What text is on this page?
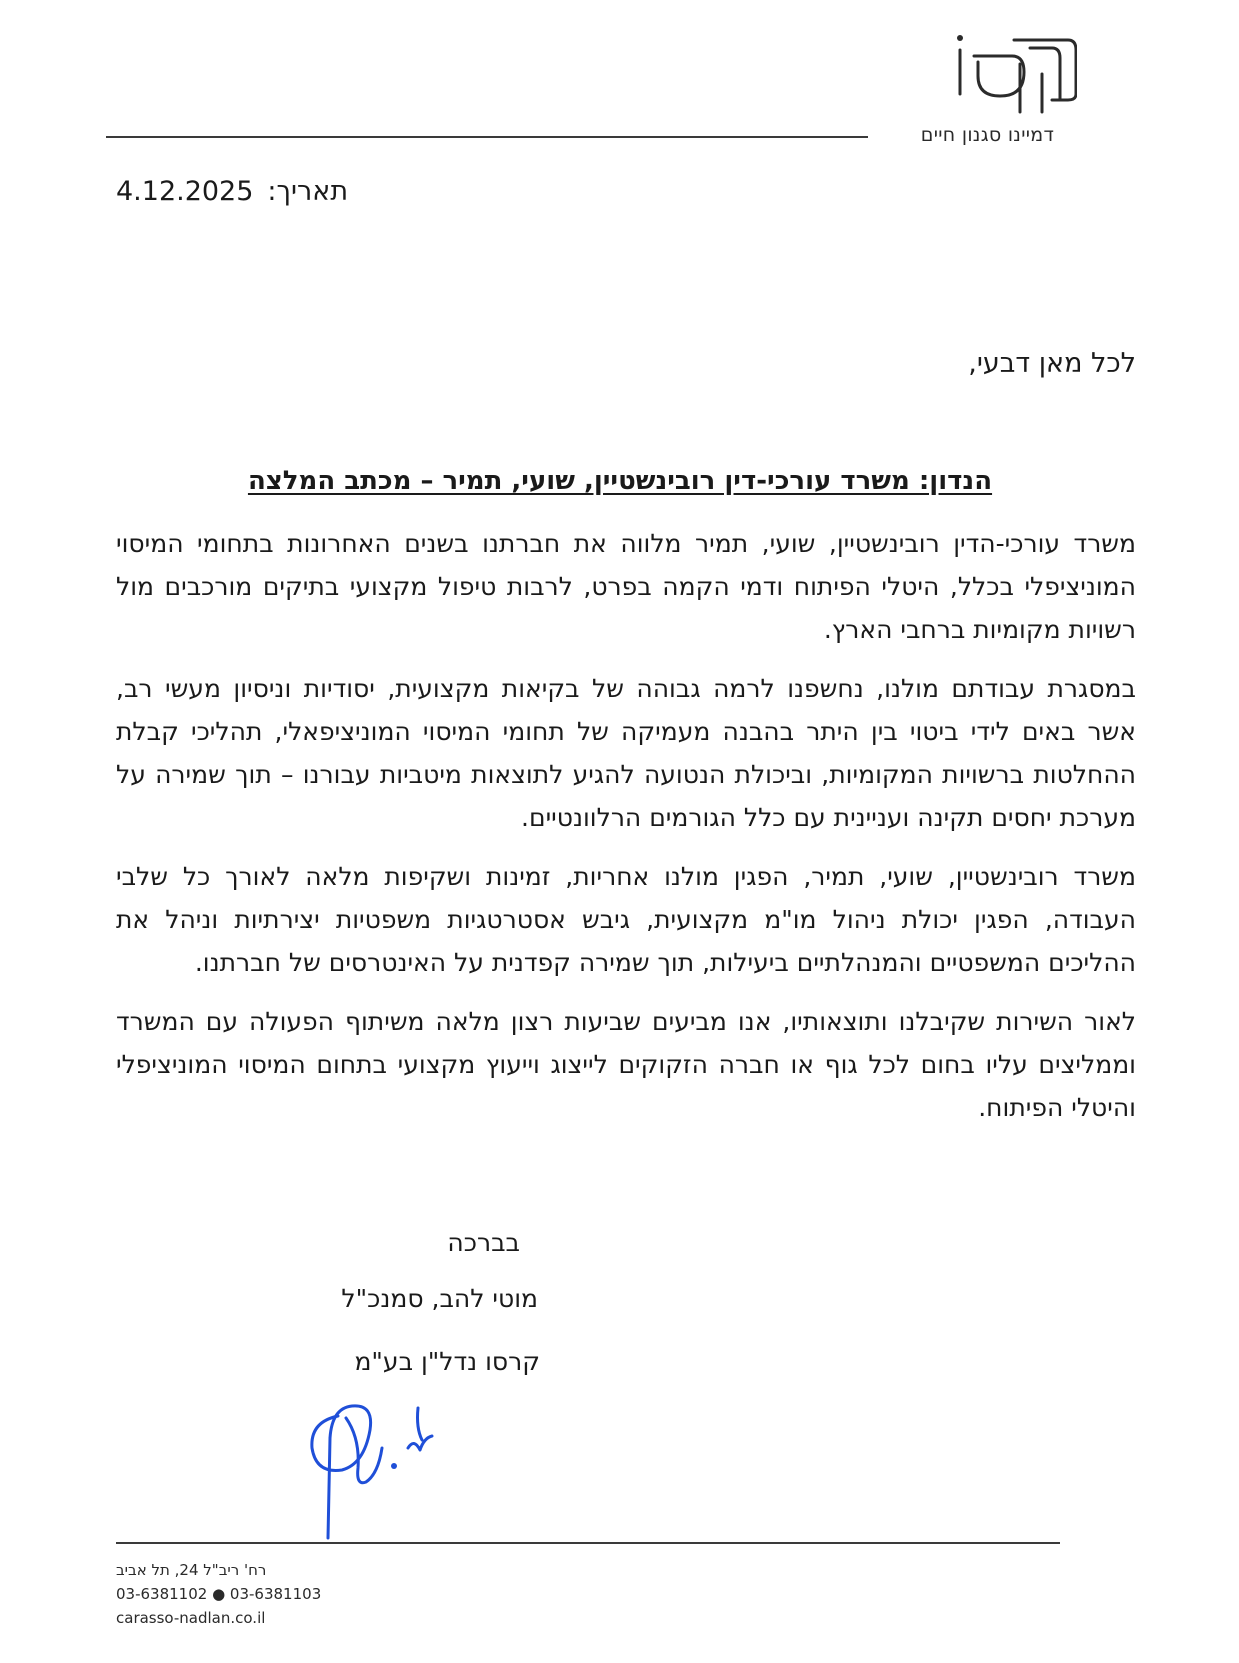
דמיינו סגנון חיים
4.12.2025 תאריך:
לכל מאן דבעי,
הנדון: משרד עורכי-דין רובינשטיין, שועי, תמיר – מכתב המלצה

משרד עורכי-הדין רובינשטיין, שועי, תמיר מלווה את חברתנו בשנים האחרונות בתחומי המיסוי המוניציפלי בכלל, היטלי הפיתוח ודמי הקמה בפרט, לרבות טיפול מקצועי בתיקים מורכבים מול רשויות מקומיות ברחבי הארץ.

במסגרת עבודתם מולנו, נחשפנו לרמה גבוהה של בקיאות מקצועית, יסודיות וניסיון מעשי רב, אשר באים לידי ביטוי בין היתר בהבנה מעמיקה של תחומי המיסוי המוניציפאלי, תהליכי קבלת ההחלטות ברשויות המקומיות, וביכולת הנטועה להגיע לתוצאות מיטביות עבורנו – תוך שמירה על מערכת יחסים תקינה ועניינית עם כלל הגורמים הרלוונטיים.

משרד רובינשטיין, שועי, תמיר, הפגין מולנו אחריות, זמינות ושקיפות מלאה לאורך כל שלבי העבודה, הפגין יכולת ניהול מו"מ מקצועית, גיבש אסטרטגיות משפטיות יצירתיות וניהל את ההליכים המשפטיים והמנהלתיים ביעילות, תוך שמירה קפדנית על האינטרסים של חברתנו.

לאור השירות שקיבלנו ותוצאותיו, אנו מביעים שביעות רצון מלאה משיתוף הפעולה עם המשרד וממליצים עליו בחום לכל גוף או חברה הזקוקים לייצוג וייעוץ מקצועי בתחום המיסוי המוניציפלי והיטלי הפיתוח.

בברכה
מוטי להב, סמנכ"ל
קרסו נדל"ן בע"מ
רח' ריב"ל 24, תל אביב
03-6381102 ● 03-6381103
carasso-nadlan.co.il
